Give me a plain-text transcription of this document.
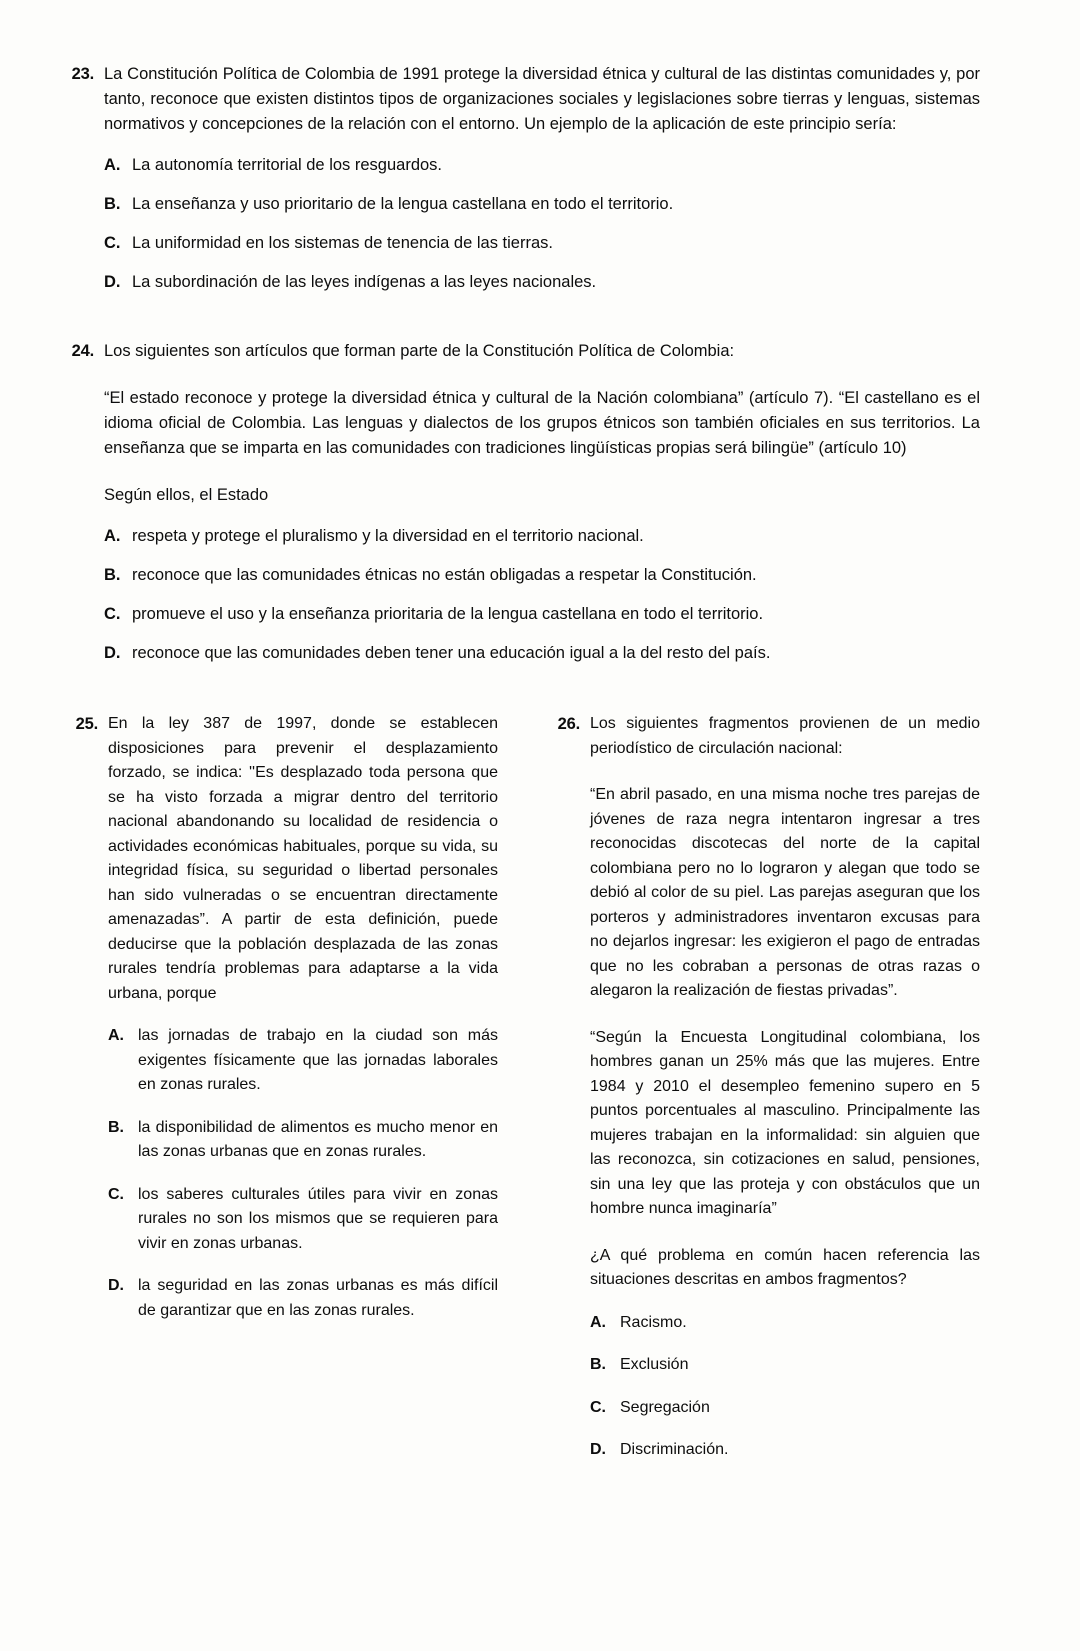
23. La Constitución Política de Colombia de 1991 protege la diversidad étnica y cultural de las distintas comunidades y, por tanto, reconoce que existen distintos tipos de organizaciones sociales y legislaciones sobre tierras y lenguas, sistemas normativos y concepciones de la relación con el entorno. Un ejemplo de la aplicación de este principio sería:

A. La autonomía territorial de los resguardos.
B. La enseñanza y uso prioritario de la lengua castellana en todo el territorio.
C. La uniformidad en los sistemas de tenencia de las tierras.
D. La subordinación de las leyes indígenas a las leyes nacionales.
24. Los siguientes son artículos que forman parte de la Constitución Política de Colombia:

“El estado reconoce y protege la diversidad étnica y cultural de la Nación colombiana” (artículo 7). “El castellano es el idioma oficial de Colombia. Las lenguas y dialectos de los grupos étnicos son también oficiales en sus territorios. La enseñanza que se imparta en las comunidades con tradiciones lingüísticas propias será bilingüe” (artículo 10)

Según ellos, el Estado

A. respeta y protege el pluralismo y la diversidad en el territorio nacional.
B. reconoce que las comunidades étnicas no están obligadas a respetar la Constitución.
C. promueve el uso y la enseñanza prioritaria de la lengua castellana en todo el territorio.
D. reconoce que las comunidades deben tener una educación igual a la del resto del país.
25. En la ley 387 de 1997, donde se establecen disposiciones para prevenir el desplazamiento forzado, se indica: ''Es desplazado toda persona que se ha visto forzada a migrar dentro del territorio nacional abandonando su localidad de residencia o actividades económicas habituales, porque su vida, su integridad física, su seguridad o libertad personales han sido vulneradas o se encuentran directamente amenazadas”. A partir de esta definición, puede deducirse que la población desplazada de las zonas rurales tendría problemas para adaptarse a la vida urbana, porque

A. las jornadas de trabajo en la ciudad son más exigentes físicamente que las jornadas laborales en zonas rurales.
B. la disponibilidad de alimentos es mucho menor en las zonas urbanas que en zonas rurales.
C. los saberes culturales útiles para vivir en zonas rurales no son los mismos que se requieren para vivir en zonas urbanas.
D. la seguridad en las zonas urbanas es más difícil de garantizar que en las zonas rurales.
26. Los siguientes fragmentos provienen de un medio periodístico de circulación nacional:

“En abril pasado, en una misma noche tres parejas de jóvenes de raza negra intentaron ingresar a tres reconocidas discotecas del norte de la capital colombiana pero no lo lograron y alegan que todo se debió al color de su piel. Las parejas aseguran que los porteros y administradores inventaron excusas para no dejarlos ingresar: les exigieron el pago de entradas que no les cobraban a personas de otras razas o alegaron la realización de fiestas privadas”.

“Según la Encuesta Longitudinal colombiana, los hombres ganan un 25% más que las mujeres. Entre 1984 y 2010 el desempleo femenino supero en 5 puntos porcentuales al masculino. Principalmente las mujeres trabajan en la informalidad: sin alguien que las reconozca, sin cotizaciones en salud, pensiones, sin una ley que las proteja y con obstáculos que un hombre nunca imaginaría”

¿A qué problema en común hacen referencia las situaciones descritas en ambos fragmentos?

A. Racismo.
B. Exclusión
C. Segregación
D. Discriminación.
